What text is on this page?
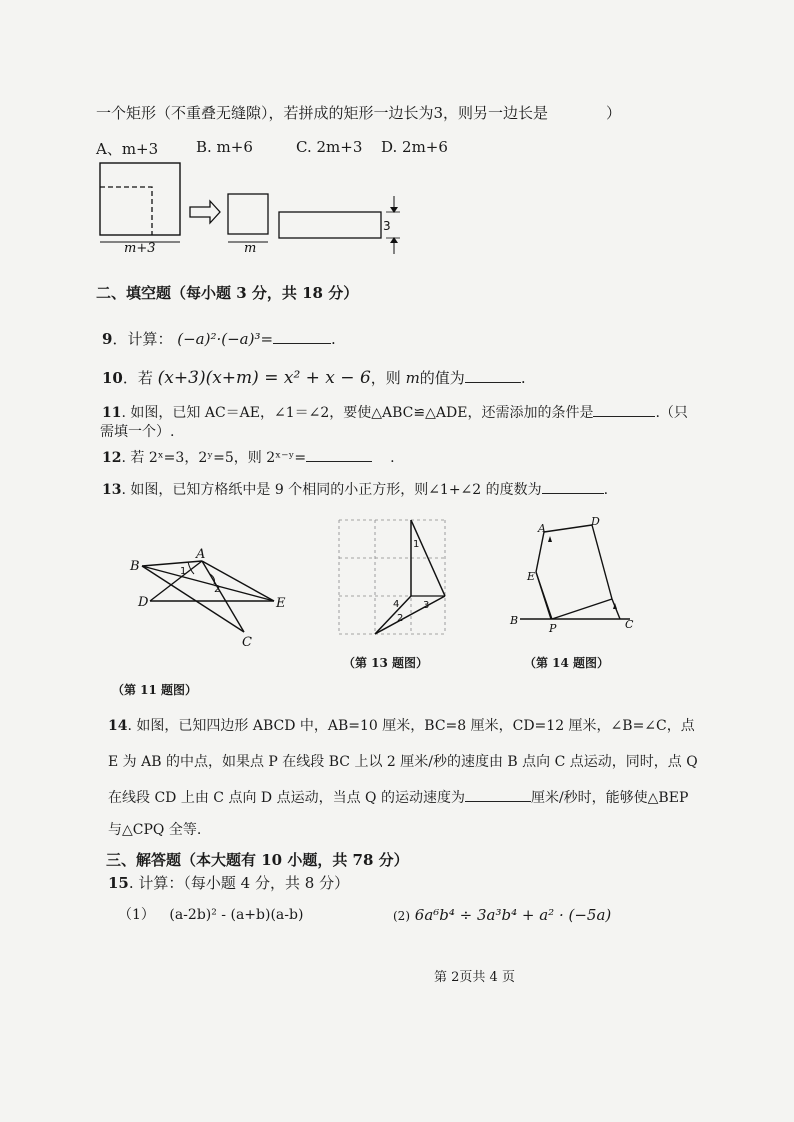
一个矩形（不重叠无缝隙），若拼成的矩形一边长为3，则另一边长是	）
A、m+3	B. m+6	C. 2m+3 D. 2m+6
m+3	m
3
二、填空题（每小题 3 分，共 18 分）
9．计算： (−a)²·(−a)³=	.
10．若 (x+3)(x+m) = x² + x − 6，则 m的值为	.
11. 如图，已知 AC＝AE，∠1＝∠2，要使△ABC≌△ADE，还需添加的条件是	.（只
需填一个）.
12. 若 2ˣ=3，2ʸ=5，则 2ˣ⁻ʸ=	.
13. 如图，已知方格纸中是 9 个相同的小正方形，则∠1+∠2 的度数为	.
B
A
D	E
C
1
2
（第 11 题图）
1
4
2
3
（第 13 题图）
A
D
E
B
P	C
（第 14 题图）
14. 如图，已知四边形 ABCD 中，AB=10 厘米，BC=8 厘米，CD=12 厘米，∠B=∠C，点
E 为 AB 的中点，如果点 P 在线段 BC 上以 2 厘米/秒的速度由 B 点向 C 点运动，同时，点 Q
在线段 CD 上由 C 点向 D 点运动，当点 Q 的运动速度为	厘米/秒时，能够使△BEP
与△CPQ 全等.
三、解答题（本大题有 10 小题，共 78 分）
15. 计算：（每小题 4 分，共 8 分）
（1） (a-2b)² - (a+b)(a-b)	(2) 6a⁶b⁴ ÷ 3a³b⁴ + a² · (−5a)
第 2页共 4 页
